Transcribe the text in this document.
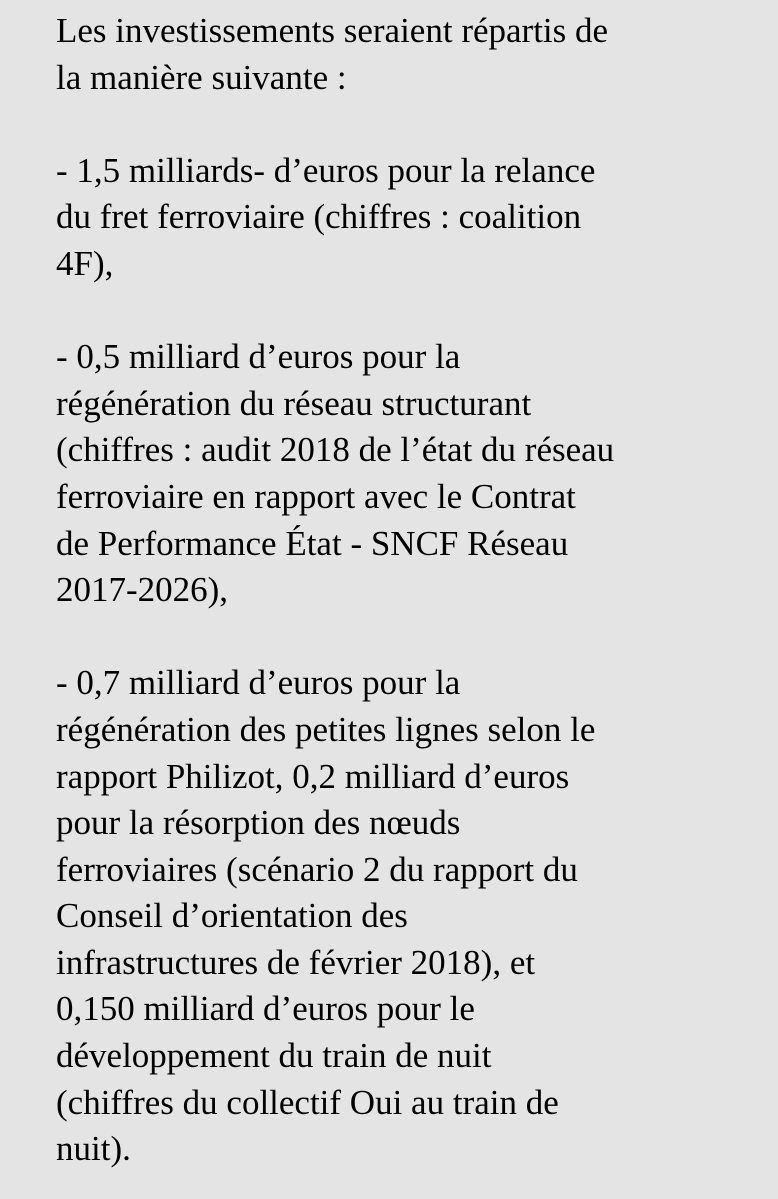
Les investissements seraient répartis de
la manière suivante :
- 1,5 milliards- d’euros pour la relance
du fret ferroviaire (chiffres : coalition
4F),
- 0,5 milliard d’euros pour la
régénération du réseau structurant
(chiffres : audit 2018 de l’état du réseau
ferroviaire en rapport avec le Contrat
de Performance État - SNCF Réseau
2017-2026),
- 0,7 milliard d’euros pour la
régénération des petites lignes selon le
rapport Philizot, 0,2 milliard d’euros
pour la résorption des nœuds
ferroviaires (scénario 2 du rapport du
Conseil d’orientation des
infrastructures de février 2018), et
0,150 milliard d’euros pour le
développement du train de nuit
(chiffres du collectif Oui au train de
nuit).
